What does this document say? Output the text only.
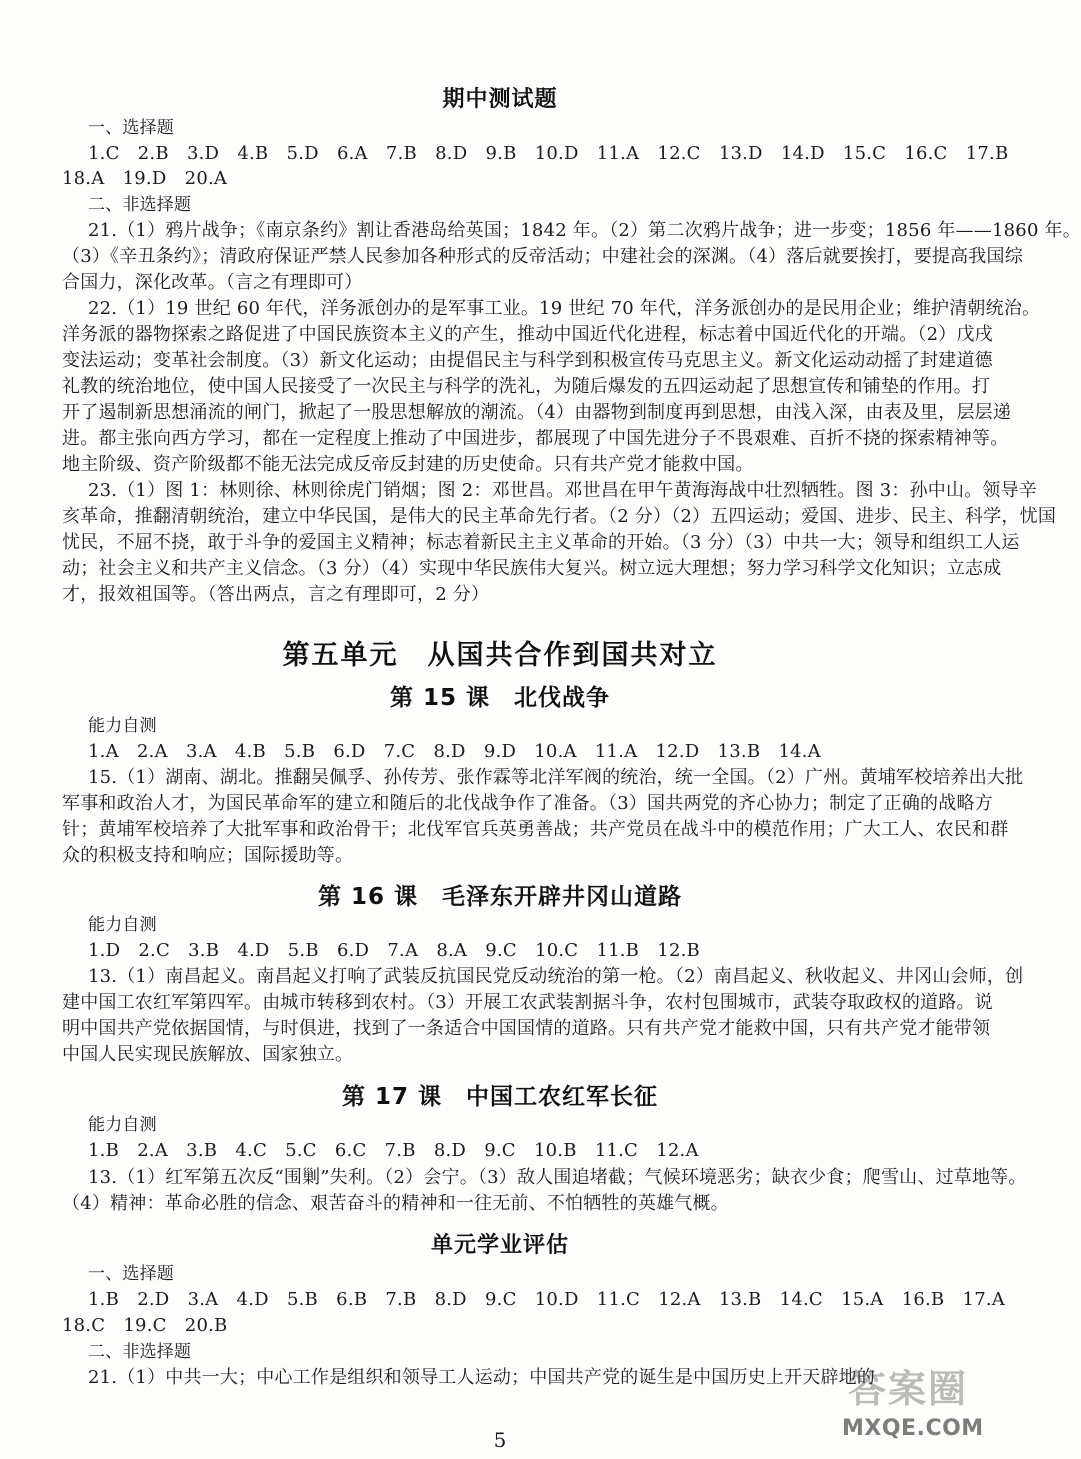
期中测试题
一、选择题
1.C　2.B　3.D　4.B　5.D　6.A　7.B　8.D　9.B　10.D　11.A　12.C　13.D　14.D　15.C　16.C　17.B
18.A　19.D　20.A
二、非选择题
21.（1）鸦片战争；《南京条约》割让香港岛给英国；1842 年。（2）第二次鸦片战争；进一步变；1856 年——1860 年。
（3）《辛丑条约》；清政府保证严禁人民参加各种形式的反帝活动；中建社会的深渊。（4）落后就要挨打，要提高我国综
合国力，深化改革。（言之有理即可）
22.（1）19 世纪 60 年代，洋务派创办的是军事工业。19 世纪 70 年代，洋务派创办的是民用企业；维护清朝统治。
洋务派的器物探索之路促进了中国民族资本主义的产生，推动中国近代化进程，标志着中国近代化的开端。（2）戊戌
变法运动；变革社会制度。（3）新文化运动；由提倡民主与科学到积极宣传马克思主义。新文化运动动摇了封建道德
礼教的统治地位，使中国人民接受了一次民主与科学的洗礼，为随后爆发的五四运动起了思想宣传和铺垫的作用。打
开了遏制新思想涌流的闸门，掀起了一股思想解放的潮流。（4）由器物到制度再到思想，由浅入深，由表及里，层层递
进。都主张向西方学习，都在一定程度上推动了中国进步，都展现了中国先进分子不畏艰难、百折不挠的探索精神等。
地主阶级、资产阶级都不能无法完成反帝反封建的历史使命。只有共产党才能救中国。
23.（1）图 1：林则徐、林则徐虎门销烟；图 2：邓世昌。邓世昌在甲午黄海海战中壮烈牺牲。图 3：孙中山。领导辛
亥革命，推翻清朝统治，建立中华民国，是伟大的民主革命先行者。（2 分）（2）五四运动；爱国、进步、民主、科学，忧国
忧民，不屈不挠，敢于斗争的爱国主义精神；标志着新民主主义革命的开始。（3 分）（3）中共一大；领导和组织工人运
动；社会主义和共产主义信念。（3 分）（4）实现中华民族伟大复兴。树立远大理想；努力学习科学文化知识；立志成
才，报效祖国等。（答出两点，言之有理即可，2 分）
第五单元　从国共合作到国共对立
第 15 课　北伐战争
能力自测
1.A　2.A　3.A　4.B　5.B　6.D　7.C　8.D　9.D　10.A　11.A　12.D　13.B　14.A
15.（1）湖南、湖北。推翻吴佩孚、孙传芳、张作霖等北洋军阀的统治，统一全国。（2）广州。黄埔军校培养出大批
军事和政治人才，为国民革命军的建立和随后的北伐战争作了准备。（3）国共两党的齐心协力；制定了正确的战略方
针；黄埔军校培养了大批军事和政治骨干；北伐军官兵英勇善战；共产党员在战斗中的模范作用；广大工人、农民和群
众的积极支持和响应；国际援助等。
第 16 课　毛泽东开辟井冈山道路
能力自测
1.D　2.C　3.B　4.D　5.B　6.D　7.A　8.A　9.C　10.C　11.B　12.B
13.（1）南昌起义。南昌起义打响了武装反抗国民党反动统治的第一枪。（2）南昌起义、秋收起义、井冈山会师，创
建中国工农红军第四军。由城市转移到农村。（3）开展工农武装割据斗争，农村包围城市，武装夺取政权的道路。说
明中国共产党依据国情，与时俱进，找到了一条适合中国国情的道路。只有共产党才能救中国，只有共产党才能带领
中国人民实现民族解放、国家独立。
第 17 课　中国工农红军长征
能力自测
1.B　2.A　3.B　4.C　5.C　6.C　7.B　8.D　9.C　10.B　11.C　12.A
13.（1）红军第五次反“围剿”失利。（2）会宁。（3）敌人围追堵截；气候环境恶劣；缺衣少食；爬雪山、过草地等。
（4）精神：革命必胜的信念、艰苦奋斗的精神和一往无前、不怕牺牲的英雄气概。
单元学业评估
一、选择题
1.B　2.D　3.A　4.D　5.B　6.B　7.B　8.D　9.C　10.D　11.C　12.A　13.B　14.C　15.A　16.B　17.A
18.C　19.C　20.B
二、非选择题
21.（1）中共一大；中心工作是组织和领导工人运动；中国共产党的诞生是中国历史上开天辟地的
5
答案圈
MXQE.COM
